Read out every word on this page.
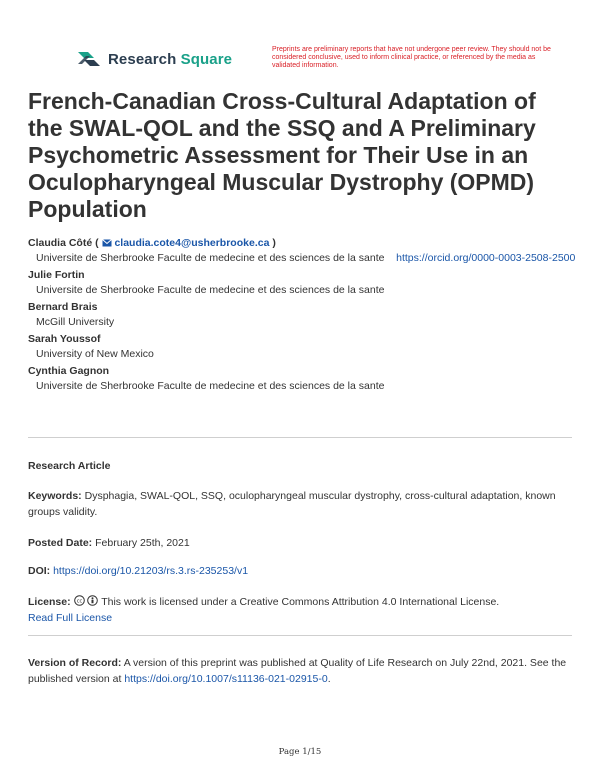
Research Square
Preprints are preliminary reports that have not undergone peer review. They should not be considered conclusive, used to inform clinical practice, or referenced by the media as validated information.
French-Canadian Cross-Cultural Adaptation of the SWAL-QOL and the SSQ and A Preliminary Psychometric Assessment for Their Use in an Oculopharyngeal Muscular Dystrophy (OPMD) Population
Claudia Côté (  claudia.cote4@usherbrooke.ca )
Universite de Sherbrooke Faculte de medecine et des sciences de la sante https://orcid.org/0000-0003-2508-2500
Julie Fortin
Universite de Sherbrooke Faculte de medecine et des sciences de la sante
Bernard Brais
McGill University
Sarah Youssof
University of New Mexico
Cynthia Gagnon
Universite de Sherbrooke Faculte de medecine et des sciences de la sante
Research Article
Keywords: Dysphagia, SWAL-QOL, SSQ, oculopharyngeal muscular dystrophy, cross-cultural adaptation, known groups validity.
Posted Date: February 25th, 2021
DOI: https://doi.org/10.21203/rs.3.rs-235253/v1
License: cc This work is licensed under a Creative Commons Attribution 4.0 International License.
Read Full License
Version of Record: A version of this preprint was published at Quality of Life Research on July 22nd, 2021. See the published version at https://doi.org/10.1007/s11136-021-02915-0.
Page 1/15
